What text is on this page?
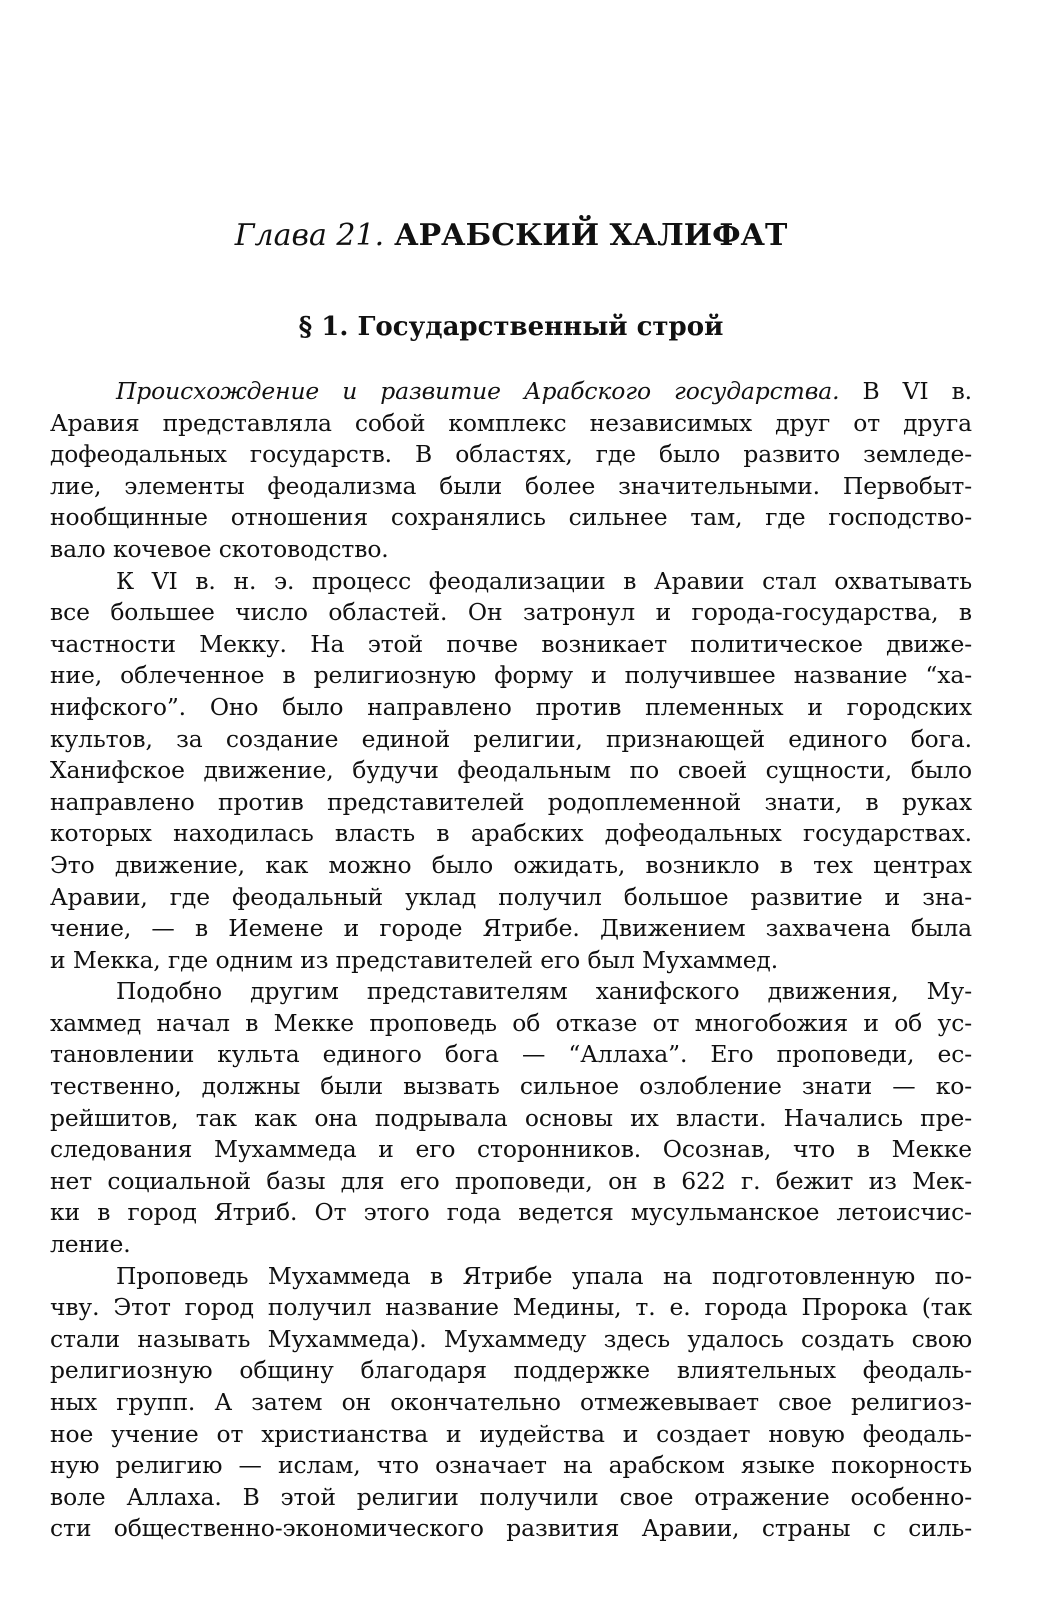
Глава 21. АРАБСКИЙ ХАЛИФАТ
§ 1. Государственный строй
Происхождение и развитие Арабского государства. В VI в.
Аравия представляла собой комплекс независимых друг от друга
дофеодальных государств. В областях, где было развито земледе-
лие, элементы феодализма были более значительными. Первобыт-
нообщинные отношения сохранялись сильнее там, где господство-
вало кочевое скотоводство.
К VI в. н. э. процесс феодализации в Аравии стал охватывать
все большее число областей. Он затронул и города-государства, в
частности Мекку. На этой почве возникает политическое движе-
ние, облеченное в религиозную форму и получившее название “ха-
нифского”. Оно было направлено против племенных и городских
культов, за создание единой религии, признающей единого бога.
Ханифское движение, будучи феодальным по своей сущности, было
направлено против представителей родоплеменной знати, в руках
которых находилась власть в арабских дофеодальных государствах.
Это движение, как можно было ожидать, возникло в тех центрах
Аравии, где феодальный уклад получил большое развитие и зна-
чение, — в Иемене и городе Ятрибе. Движением захвачена была
и Мекка, где одним из представителей его был Мухаммед.
Подобно другим представителям ханифского движения, Му-
хаммед начал в Мекке проповедь об отказе от многобожия и об ус-
тановлении культа единого бога — “Аллаха”. Его проповеди, ес-
тественно, должны были вызвать сильное озлобление знати — ко-
рейшитов, так как она подрывала основы их власти. Начались пре-
следования Мухаммеда и его сторонников. Осознав, что в Мекке
нет социальной базы для его проповеди, он в 622 г. бежит из Мек-
ки в город Ятриб. От этого года ведется мусульманское летоисчис-
ление.
Проповедь Мухаммеда в Ятрибе упала на подготовленную по-
чву. Этот город получил название Медины, т. е. города Пророка (так
стали называть Мухаммеда). Мухаммеду здесь удалось создать свою
религиозную общину благодаря поддержке влиятельных феодаль-
ных групп. А затем он окончательно отмежевывает свое религиоз-
ное учение от христианства и иудейства и создает новую феодаль-
ную религию — ислам, что означает на арабском языке покорность
воле Аллаха. В этой религии получили свое отражение особенно-
сти общественно-экономического развития Аравии, страны с силь-
